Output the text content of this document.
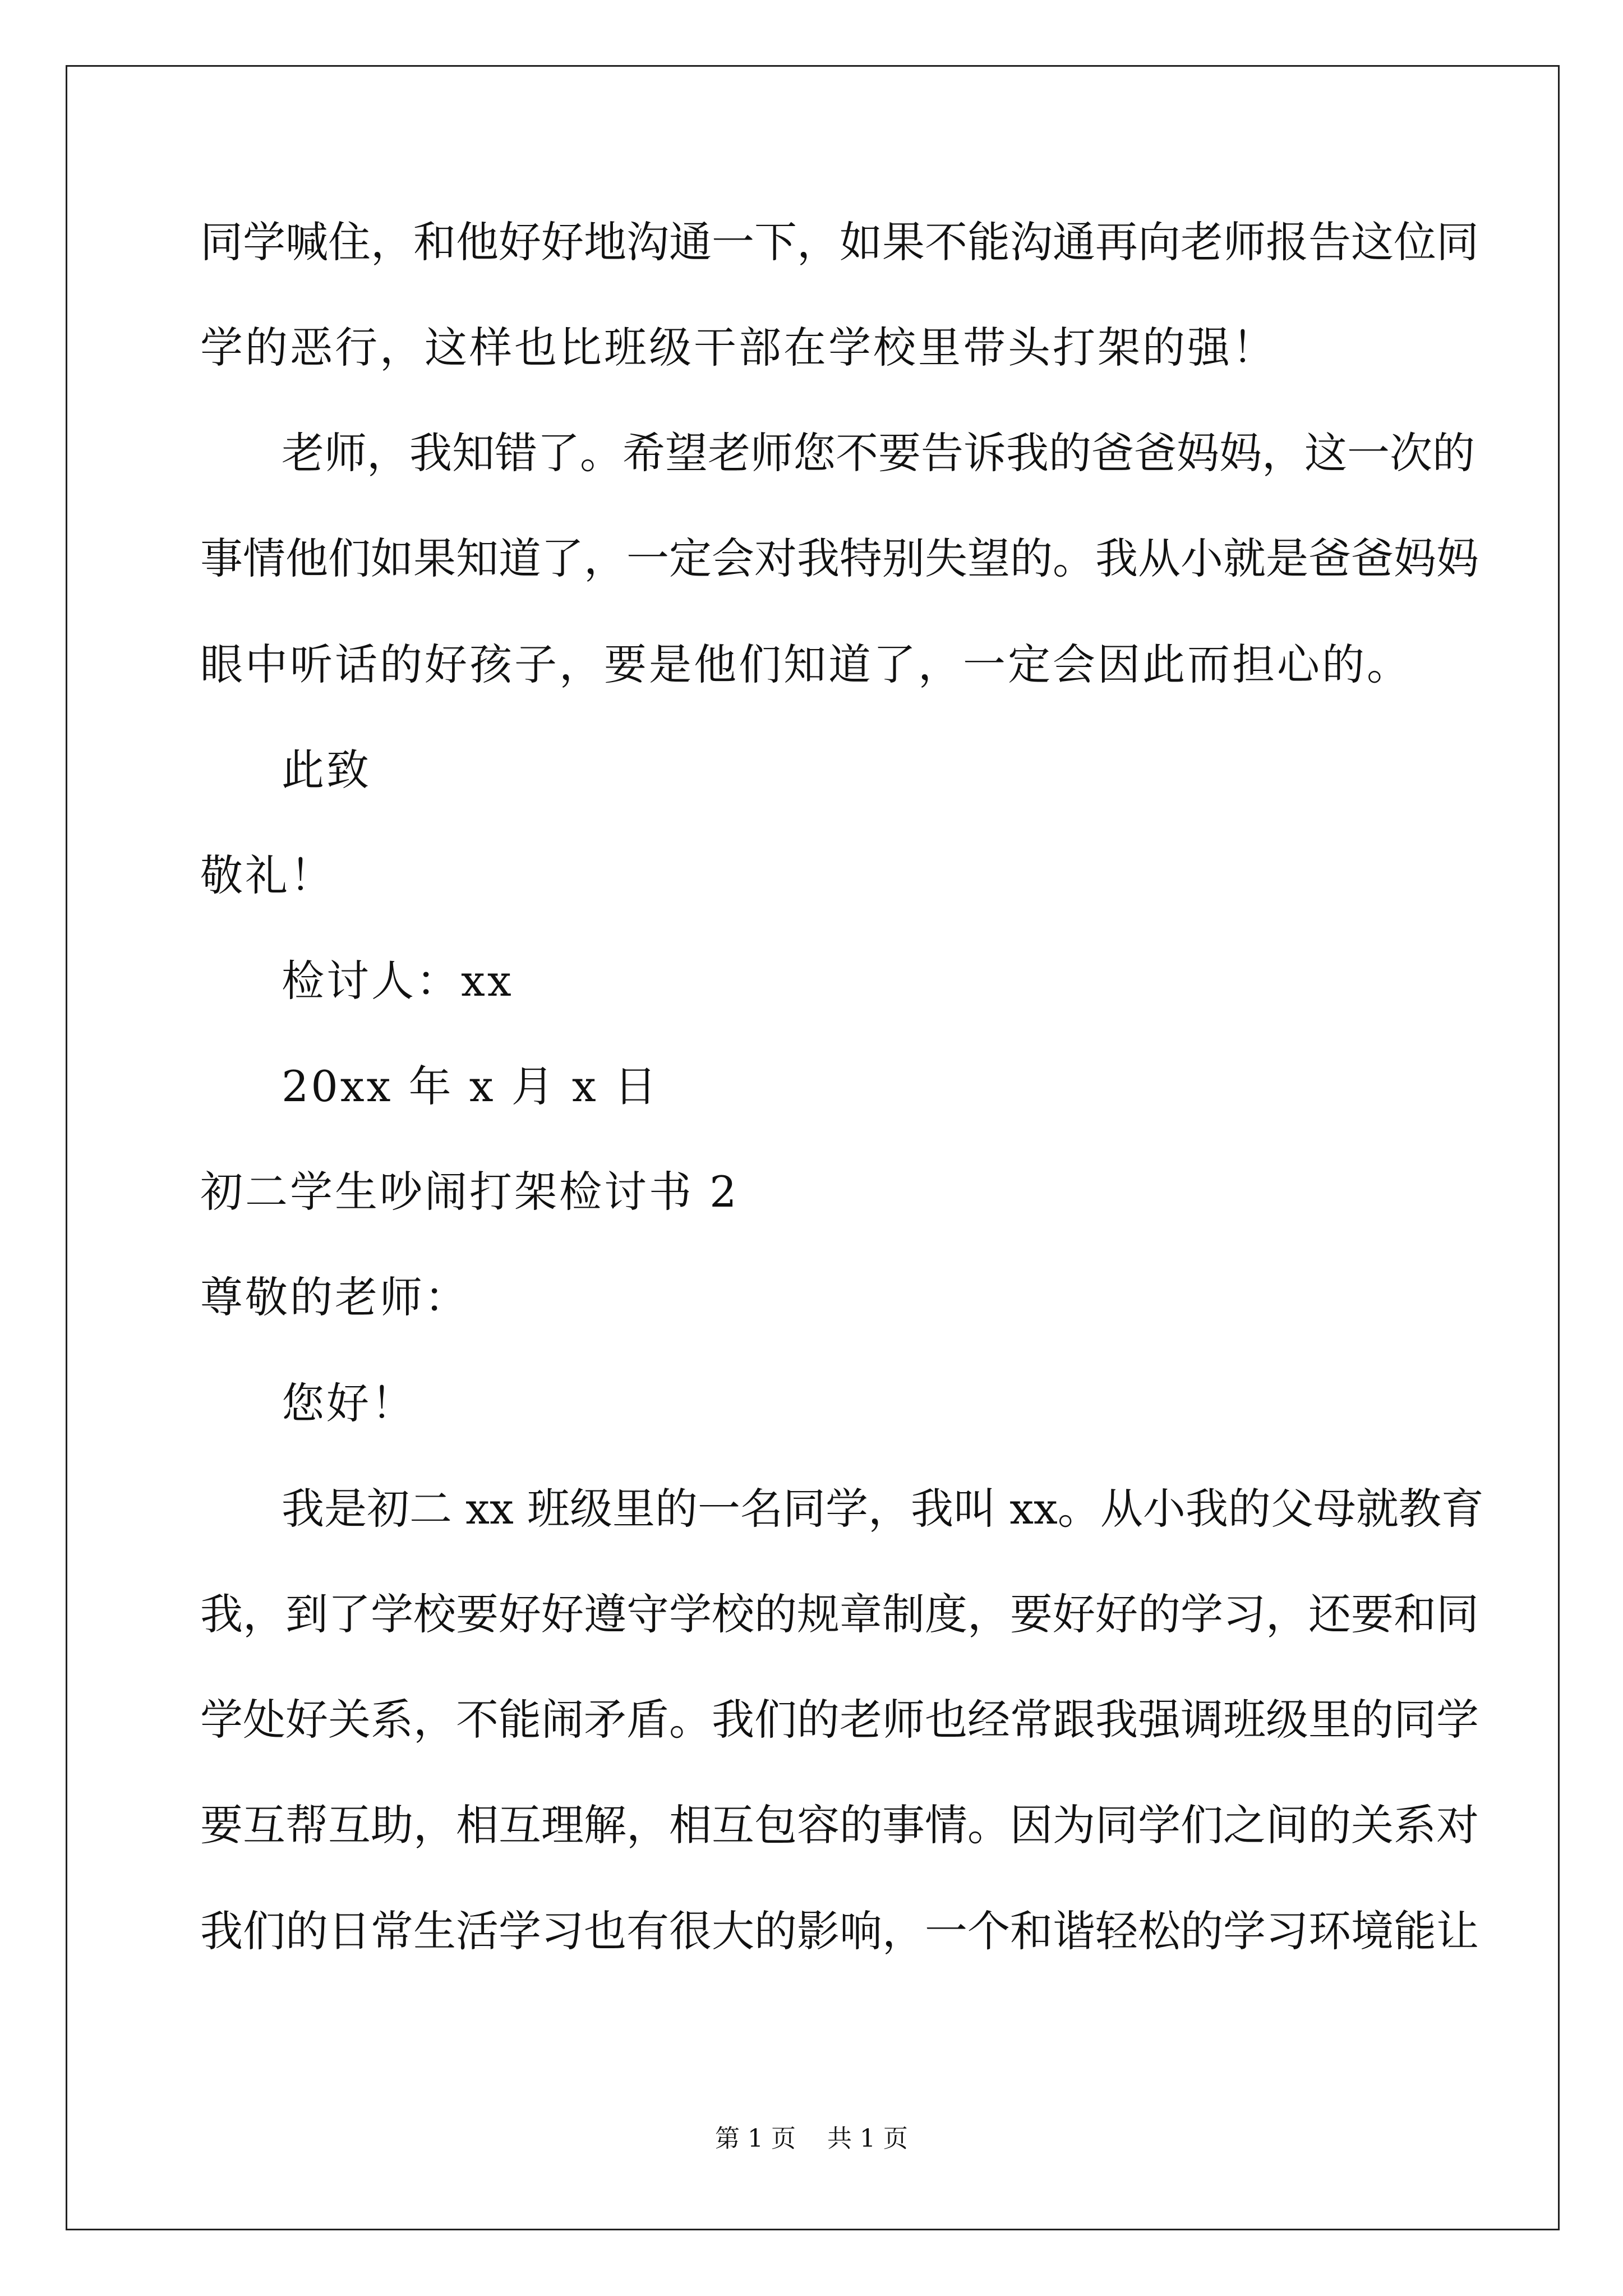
同学喊住，和他好好地沟通一下，如果不能沟通再向老师报告这位同
学的恶行，这样也比班级干部在学校里带头打架的强！
老师，我知错了。希望老师您不要告诉我的爸爸妈妈，这一次的
事情他们如果知道了，一定会对我特别失望的。我从小就是爸爸妈妈
眼中听话的好孩子，要是他们知道了，一定会因此而担心的。
此致
敬礼！
检讨人：xx
20xx 年 x 月 x 日
初二学生吵闹打架检讨书 2
尊敬的老师：
您好！
我是初二 xx 班级里的一名同学，我叫 xx。从小我的父母就教育
我，到了学校要好好遵守学校的规章制度，要好好的学习，还要和同
学处好关系，不能闹矛盾。我们的老师也经常跟我强调班级里的同学
要互帮互助，相互理解，相互包容的事情。因为同学们之间的关系对
我们的日常生活学习也有很大的影响，一个和谐轻松的学习环境能让
第 1 页    共 1 页
